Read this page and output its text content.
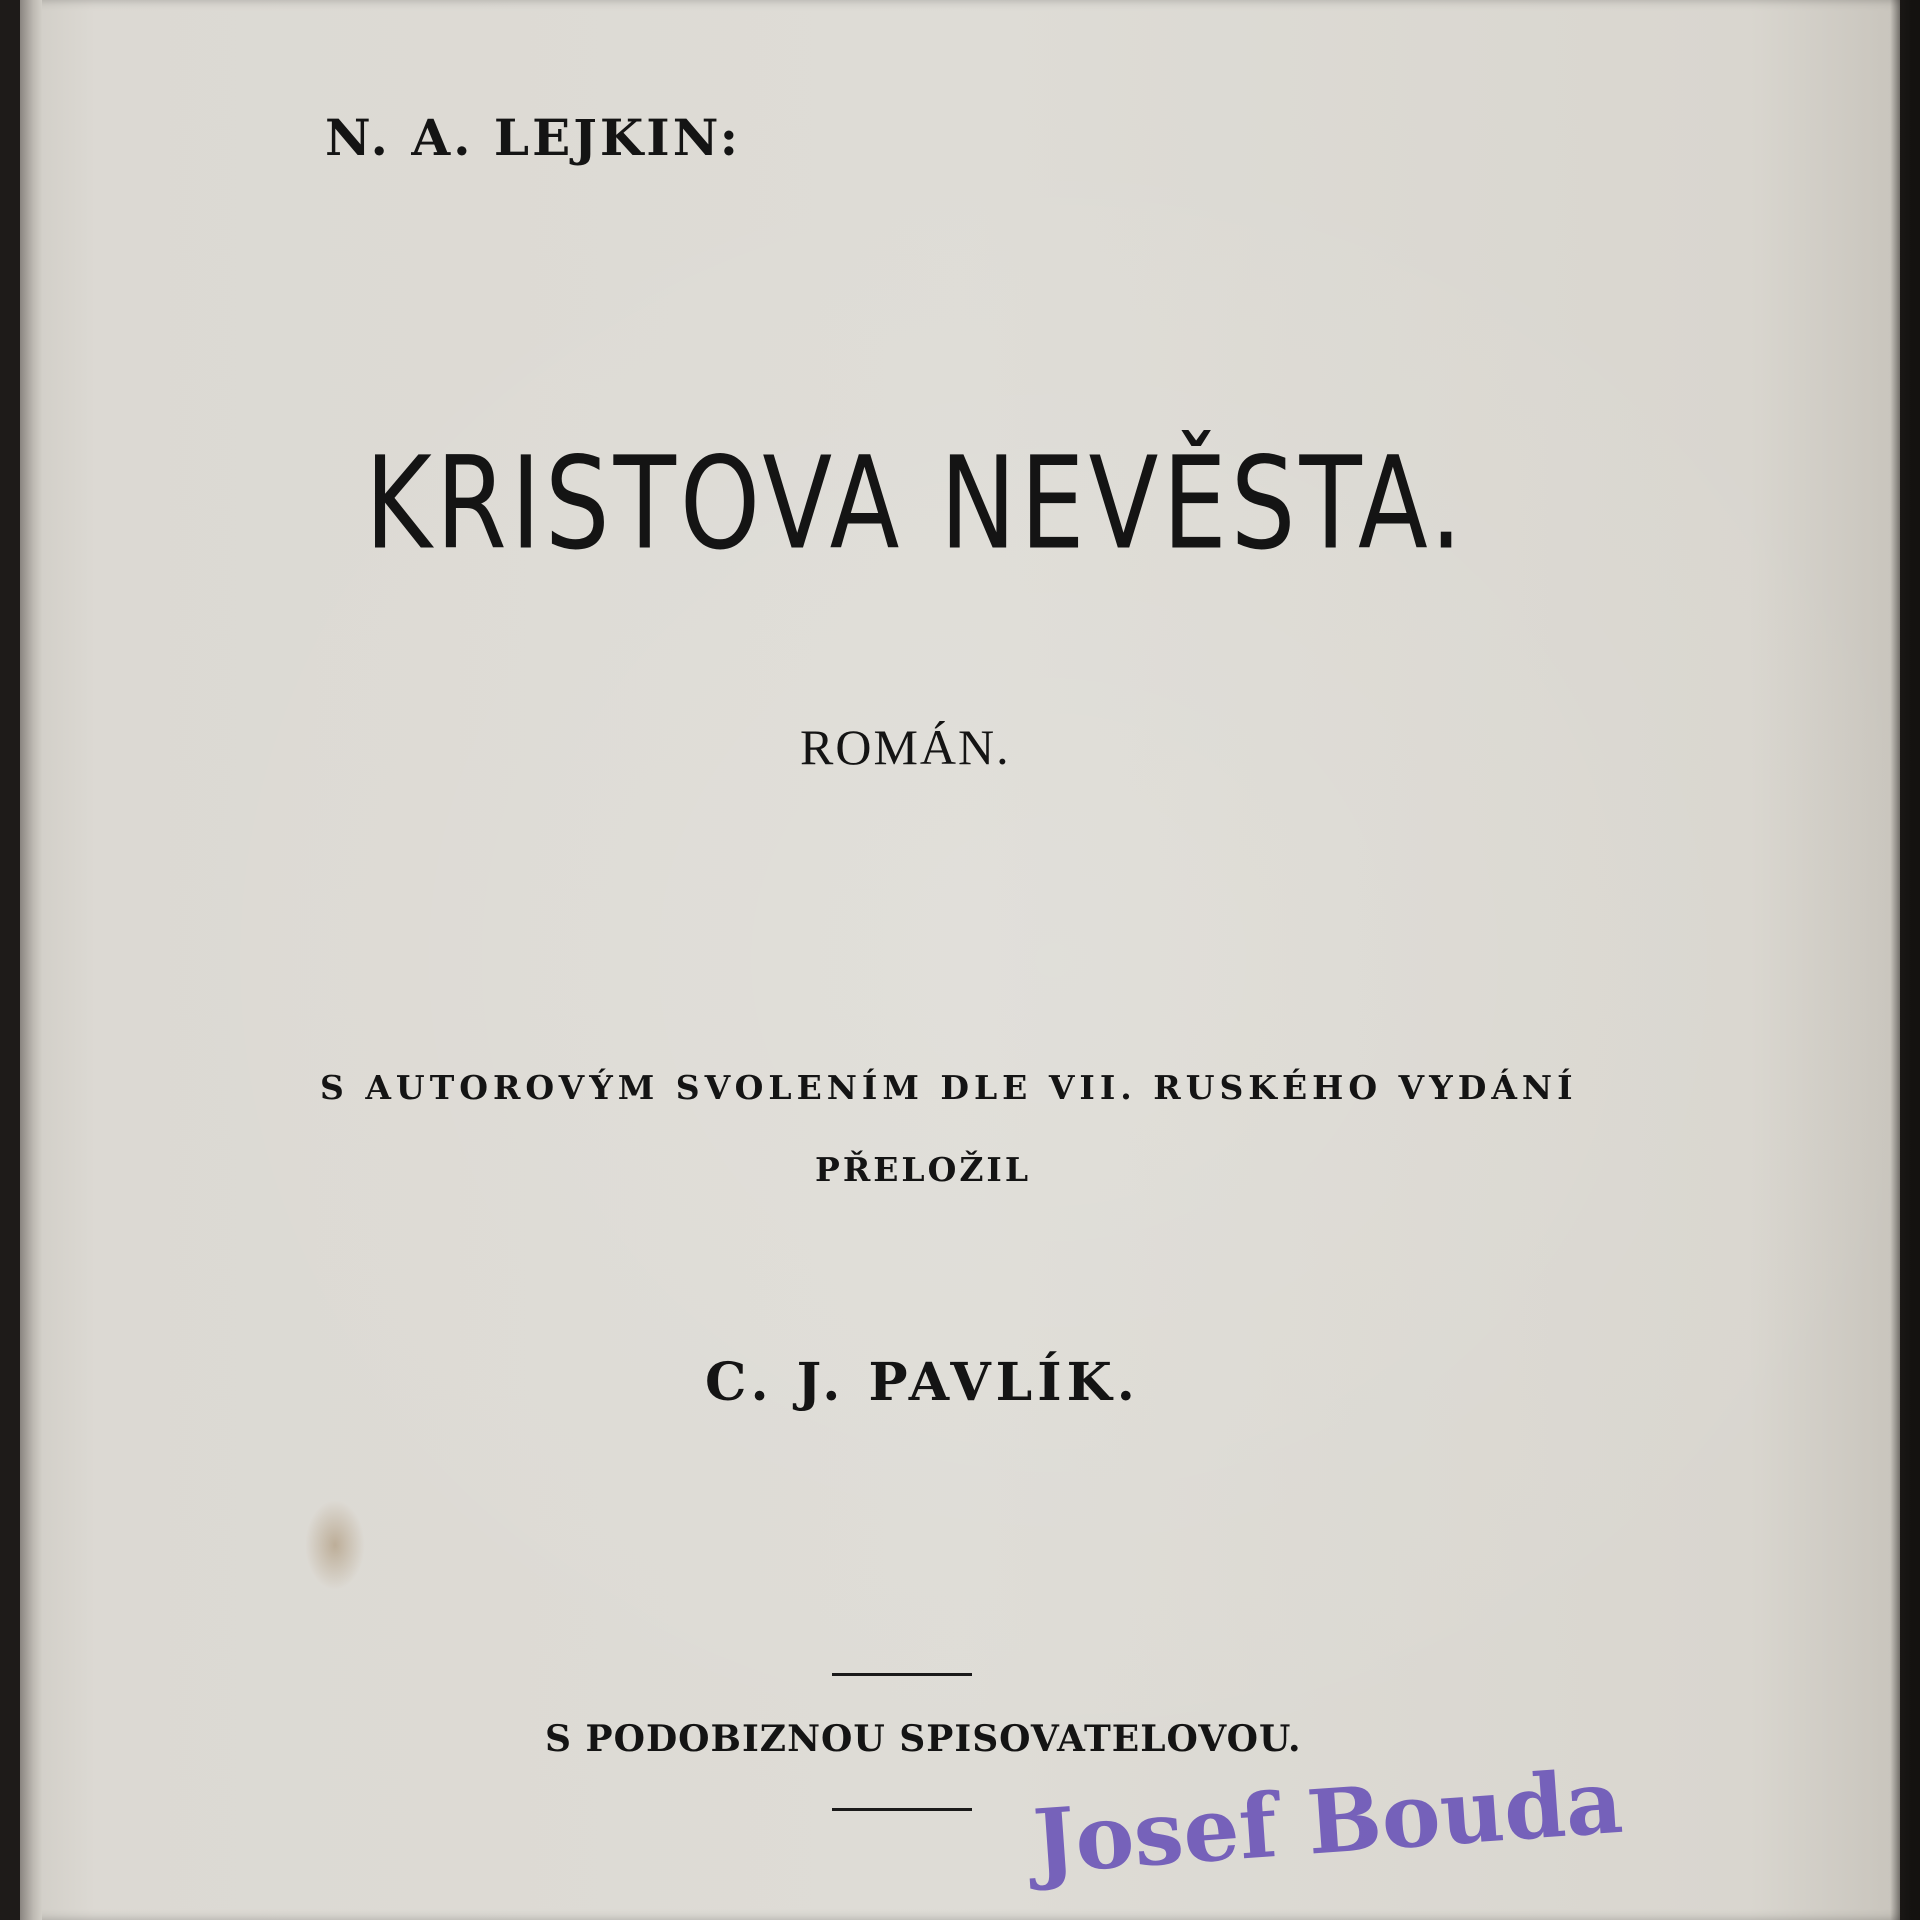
N. A. LEJKIN:
KRISTOVA NEVĚSTA.
ROMÁN.
S AUTOROVÝM SVOLENÍM DLE VII. RUSKÉHO VYDÁNÍ
PŘELOŽIL
C. J. PAVLÍK.
S PODOBIZNOU SPISOVATELOVOU.
Josef Bouda
